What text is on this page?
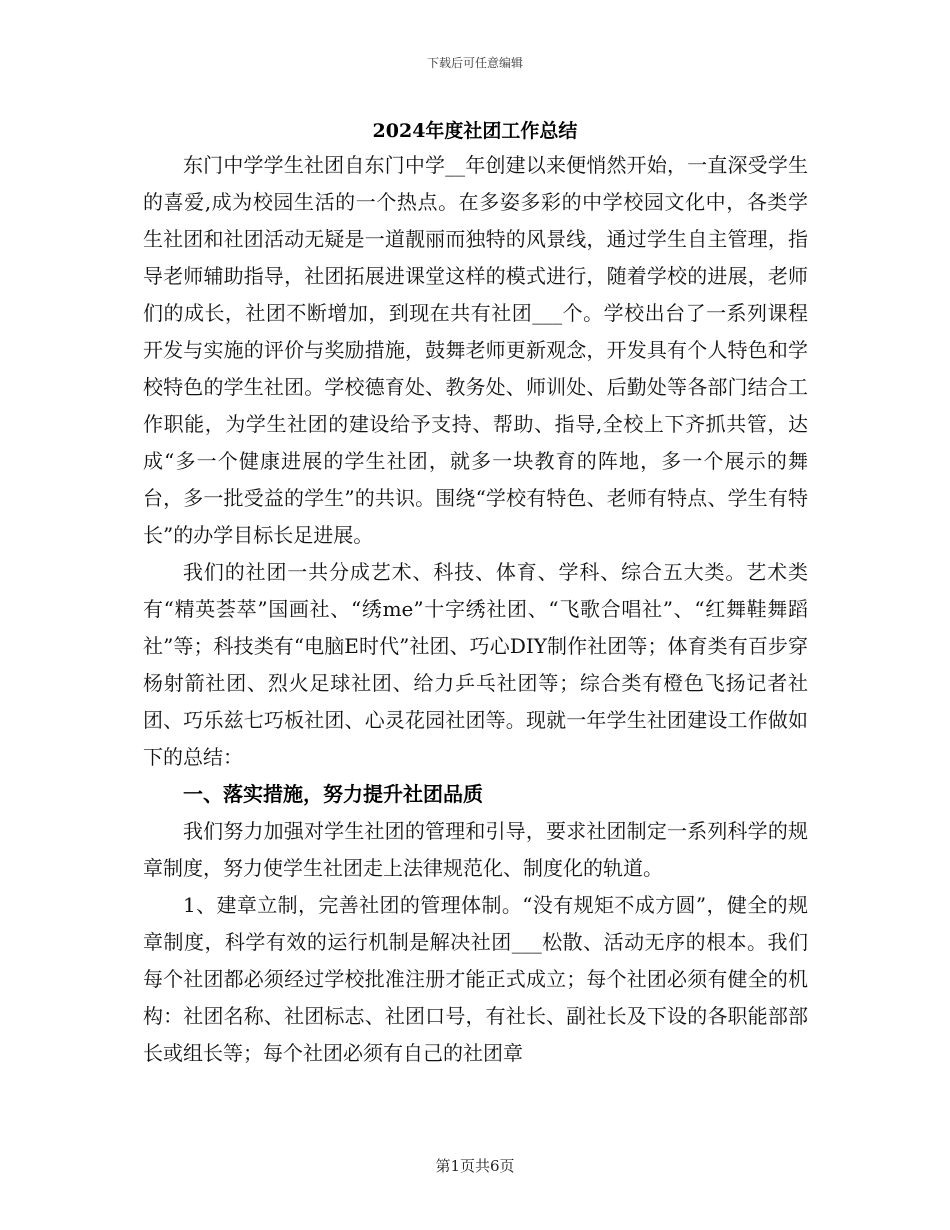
下载后可任意编辑
2024年度社团工作总结

东门中学学生社团自东门中学__年创建以来便悄然开始，一直深受学生的喜爱,成为校园生活的一个热点。在多姿多彩的中学校园文化中，各类学生社团和社团活动无疑是一道靓丽而独特的风景线，通过学生自主管理，指导老师辅助指导，社团拓展进课堂这样的模式进行，随着学校的进展，老师们的成长，社团不断增加，到现在共有社团___个。学校出台了一系列课程开发与实施的评价与奖励措施，鼓舞老师更新观念，开发具有个人特色和学校特色的学生社团。学校德育处、教务处、师训处、后勤处等各部门结合工作职能，为学生社团的建设给予支持、帮助、指导,全校上下齐抓共管，达成“多一个健康进展的学生社团，就多一块教育的阵地，多一个展示的舞台，多一批受益的学生”的共识。围绕“学校有特色、老师有特点、学生有特长”的办学目标长足进展。

我们的社团一共分成艺术、科技、体育、学科、综合五大类。艺术类有“精英荟萃”国画社、“绣me”十字绣社团、“飞歌合唱社”、“红舞鞋舞蹈社”等；科技类有“电脑E时代”社团、巧心DIY制作社团等；体育类有百步穿杨射箭社团、烈火足球社团、给力乒乓社团等；综合类有橙色飞扬记者社团、巧乐兹七巧板社团、心灵花园社团等。现就一年学生社团建设工作做如下的总结：

一、落实措施，努力提升社团品质

我们努力加强对学生社团的管理和引导，要求社团制定一系列科学的规章制度，努力使学生社团走上法律规范化、制度化的轨道。

1、建章立制，完善社团的管理体制。“没有规矩不成方圆”，健全的规章制度，科学有效的运行机制是解决社团___松散、活动无序的根本。我们每个社团都必须经过学校批准注册才能正式成立；每个社团必须有健全的机构：社团名称、社团标志、社团口号，有社长、副社长及下设的各职能部部长或组长等；每个社团必须有自己的社团章

第1页共6页
